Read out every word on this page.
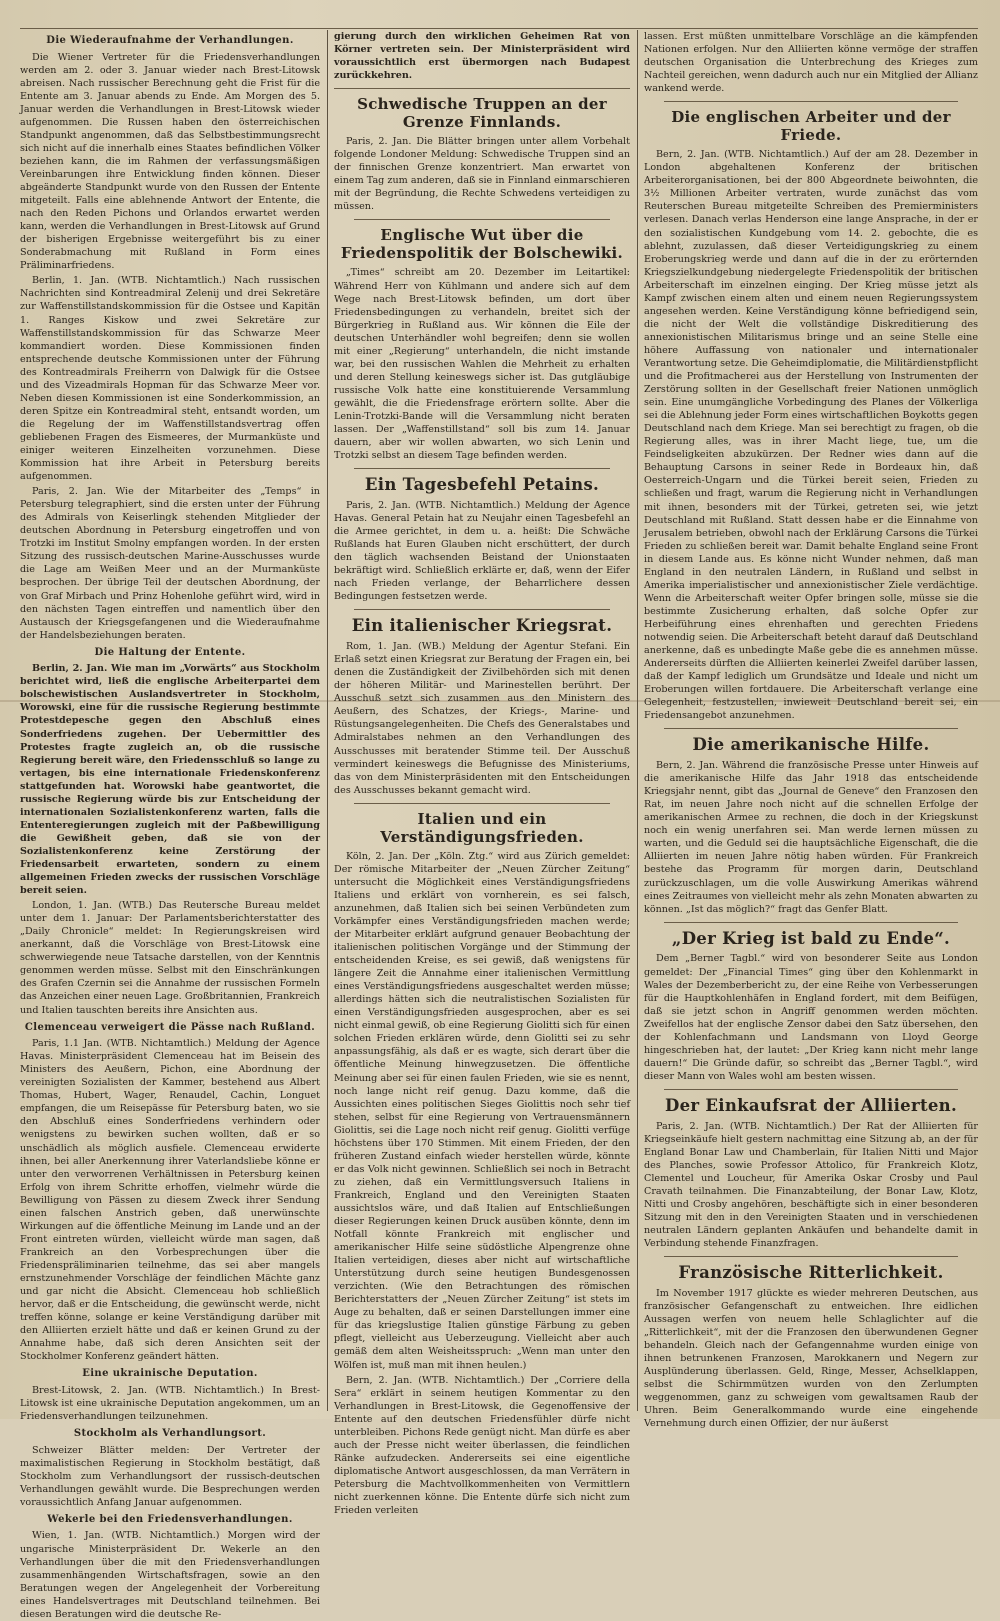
Die Wiederaufnahme der Verhandlungen.

Die Wiener Vertreter für die Friedensverhandlungen werden am 2. oder 3. Januar wieder nach Brest-Litowsk abreisen. Nach russischer Berechnung geht die Frist für die Entente am 3. Januar abends zu Ende. Am Morgen des 5. Januar werden die Verhandlungen in Brest-Litowsk wieder aufgenommen. Die Russen haben den österreichischen Standpunkt angenommen, daß das Selbstbestimmungsrecht sich nicht auf die innerhalb eines Staates befindlichen Völker beziehen kann, die im Rahmen der verfassungsmäßigen Vereinbarungen ihre Entwicklung finden können. Dieser abgeänderte Standpunkt wurde von den Russen der Entente mitgeteilt. Falls eine ablehnende Antwort der Entente, die nach den Reden Pichons und Orlandos erwartet werden kann, werden die Verhandlungen in Brest-Litowsk auf Grund der bisherigen Ergebnisse weitergeführt bis zu einer Sonderabmachung mit Rußland in Form eines Präliminarfriedens.

Berlin, 1. Jan. (WTB. Nichtamtlich.) Nach russischen Nachrichten sind Kontreadmiral Zelenij und drei Sekretäre zur Waffenstillstandskommission für die Ostsee und Kapitän 1. Ranges Kiskow und zwei Sekretäre zur Waffenstillstandskommission für das Schwarze Meer kommandiert worden. Diese Kommissionen finden entsprechende deutsche Kommissionen unter der Führung des Kontreadmirals Freiherrn von Dalwigk für die Ostsee und des Vizeadmirals Hopman für das Schwarze Meer vor. Neben diesen Kommissionen ist eine Sonderkommission, an deren Spitze ein Kontreadmiral steht, entsandt worden, um die Regelung der im Waffenstillstandsvertrag offen gebliebenen Fragen des Eismeeres, der Murmanküste und einiger weiteren Einzelheiten vorzunehmen. Diese Kommission hat ihre Arbeit in Petersburg bereits aufgenommen.

Paris, 2. Jan. Wie der Mitarbeiter des „Temps“ in Petersburg telegraphiert, sind die ersten unter der Führung des Admirals von Keiserlingk stehenden Mitglieder der deutschen Abordnung in Petersburg eingetroffen und von Trotzki im Institut Smolny empfangen worden. In der ersten Sitzung des russisch-deutschen Marine-Ausschusses wurde die Lage am Weißen Meer und an der Murmanküste besprochen. Der übrige Teil der deutschen Abordnung, der von Graf Mirbach und Prinz Hohenlohe geführt wird, wird in den nächsten Tagen eintreffen und namentlich über den Austausch der Kriegsgefangenen und die Wiederaufnahme der Handelsbeziehungen beraten.

Die Haltung der Entente.

Berlin, 2. Jan. Wie man im „Vorwärts“ aus Stockholm berichtet wird, ließ die englische Arbeiterpartei dem bolschewistischen Auslandsvertreter in Stockholm, Worowski, eine für die russische Regierung bestimmte Protestdepesche gegen den Abschluß eines Sonderfriedens zugehen. Der Uebermittler des Protestes fragte zugleich an, ob die russische Regierung bereit wäre, den Friedensschluß so lange zu vertagen, bis eine internationale Friedenskonferenz stattgefunden hat. Worowski habe geantwortet, die russische Regierung würde bis zur Entscheidung der internationalen Sozialistenkonferenz warten, falls die Ententeregierungen zugleich mit der Paßbewilligung die Gewißheit geben, daß sie von der Sozialistenkonferenz keine Zerstörung der Friedensarbeit erwarteten, sondern zu einem allgemeinen Frieden zwecks der russischen Vorschläge bereit seien.

London, 1. Jan. (WTB.) Das Reutersche Bureau meldet unter dem 1. Januar: Der Parlamentsberichterstatter des „Daily Chronicle“ meldet: In Regierungskreisen wird anerkannt, daß die Vorschläge von Brest-Litowsk eine schwerwiegende neue Tatsache darstellen, von der Kenntnis genommen werden müsse. Selbst mit den Einschränkungen des Grafen Czernin sei die Annahme der russischen Formeln das Anzeichen einer neuen Lage. Großbritannien, Frankreich und Italien tauschten bereits ihre Ansichten aus.

Clemenceau verweigert die Pässe nach Rußland.

Paris, 1.1 Jan. (WTB. Nichtamtlich.) Meldung der Agence Havas. Ministerpräsident Clemenceau hat im Beisein des Ministers des Aeußern, Pichon, eine Abordnung der vereinigten Sozialisten der Kammer, bestehend aus Albert Thomas, Hubert, Wager, Renaudel, Cachin, Longuet empfangen, die um Reisepässe für Petersburg baten, wo sie den Abschluß eines Sonderfriedens verhindern oder wenigstens zu bewirken suchen wollten, daß er so unschädlich als möglich ausfiele. Clemenceau erwiderte ihnen, bei aller Anerkennung ihrer Vaterlandsliebe könne er unter den verworrenen Verhältnissen in Petersburg keinen Erfolg von ihrem Schritte erhoffen, vielmehr würde die Bewilligung von Pässen zu diesem Zweck ihrer Sendung einen falschen Anstrich geben, daß unerwünschte Wirkungen auf die öffentliche Meinung im Lande und an der Front eintreten würden, vielleicht würde man sagen, daß Frankreich an den Vorbesprechungen über die Friedenspräliminarien teilnehme, das sei aber mangels ernstzunehmender Vorschläge der feindlichen Mächte ganz und gar nicht die Absicht. Clemenceau hob schließlich hervor, daß er die Entscheidung, die gewünscht werde, nicht treffen könne, solange er keine Verständigung darüber mit den Alliierten erzielt hätte und daß er keinen Grund zu der Annahme habe, daß sich deren Ansichten seit der Stockholmer Konferenz geändert hätten.

Eine ukrainische Deputation.

Brest-Litowsk, 2. Jan. (WTB. Nichtamtlich.) In Brest-Litowsk ist eine ukrainische Deputation angekommen, um an Friedensverhandlungen teilzunehmen.

Stockholm als Verhandlungsort.

Schweizer Blätter melden: Der Vertreter der maximalistischen Regierung in Stockholm bestätigt, daß Stockholm zum Verhandlungsort der russisch-deutschen Verhandlungen gewählt wurde. Die Besprechungen werden voraussichtlich Anfang Januar aufgenommen.

Wekerle bei den Friedensverhandlungen.

Wien, 1. Jan. (WTB. Nichtamtlich.) Morgen wird der ungarische Ministerpräsident Dr. Wekerle an den Verhandlungen über die mit den Friedensverhandlungen zusammenhängenden Wirtschaftsfragen, sowie an den Beratungen wegen der Angelegenheit der Vorbereitung eines Handelsvertrages mit Deutschland teilnehmen. Bei diesen Beratungen wird die deutsche Re-

gierung durch den wirklichen Geheimen Rat von Körner vertreten sein. Der Ministerpräsident wird voraussichtlich erst übermorgen nach Budapest zurückkehren.

Schwedische Truppen an der Grenze Finnlands.

Paris, 2. Jan. Die Blätter bringen unter allem Vorbehalt folgende Londoner Meldung: Schwedische Truppen sind an der finnischen Grenze konzentriert. Man erwartet von einem Tag zum anderen, daß sie in Finnland einmarschieren mit der Begründung, die Rechte Schwedens verteidigen zu müssen.

Englische Wut über die Friedenspolitik der Bolschewiki.

„Times“ schreibt am 20. Dezember im Leitartikel: Während Herr von Kühlmann und andere sich auf dem Wege nach Brest-Litowsk befinden, um dort über Friedensbedingungen zu verhandeln, breitet sich der Bürgerkrieg in Rußland aus. Wir können die Eile der deutschen Unterhändler wohl begreifen; denn sie wollen mit einer „Regierung“ unterhandeln, die nicht imstande war, bei den russischen Wahlen die Mehrheit zu erhalten und deren Stellung keineswegs sicher ist. Das gutgläubige russische Volk hatte eine konstituierende Versammlung gewählt, die die Friedensfrage erörtern sollte. Aber die Lenin-Trotzki-Bande will die Versammlung nicht beraten lassen. Der „Waffenstillstand“ soll bis zum 14. Januar dauern, aber wir wollen abwarten, wo sich Lenin und Trotzki selbst an diesem Tage befinden werden.

Ein Tagesbefehl Petains.

Paris, 2. Jan. (WTB. Nichtamtlich.) Meldung der Agence Havas. General Petain hat zu Neujahr einen Tagesbefehl an die Armee gerichtet, in dem u. a. heißt: Die Schwäche Rußlands hat Euren Glauben nicht erschüttert, der durch den täglich wachsenden Beistand der Unionstaaten bekräftigt wird. Schließlich erklärte er, daß, wenn der Eifer nach Frieden verlange, der Beharrlichere dessen Bedingungen festsetzen werde.

Ein italienischer Kriegsrat.

Rom, 1. Jan. (WB.) Meldung der Agentur Stefani. Ein Erlaß setzt einen Kriegsrat zur Beratung der Fragen ein, bei denen die Zuständigkeit der Zivilbehörden sich mit denen der höheren Militär- und Marinestellen berührt. Der Ausschuß setzt sich zusammen aus den Ministern des Aeußern, des Schatzes, der Kriegs-, Marine- und Rüstungsangelegenheiten. Die Chefs des Generalstabes und Admiralstabes nehmen an den Verhandlungen des Ausschusses mit beratender Stimme teil. Der Ausschuß vermindert keineswegs die Befugnisse des Ministeriums, das von dem Ministerpräsidenten mit den Entscheidungen des Ausschusses bekannt gemacht wird.

Italien und ein Verständigungsfrieden.

Köln, 2. Jan. Der „Köln. Ztg.“ wird aus Zürich gemeldet: Der römische Mitarbeiter der „Neuen Zürcher Zeitung“ untersucht die Möglichkeit eines Verständigungsfriedens Italiens und erklärt von vornherein, es sei falsch, anzunehmen, daß Italien sich bei seinen Verbündeten zum Vorkämpfer eines Verständigungsfrieden machen werde; der Mitarbeiter erklärt aufgrund genauer Beobachtung der italienischen politischen Vorgänge und der Stimmung der entscheidenden Kreise, es sei gewiß, daß wenigstens für längere Zeit die Annahme einer italienischen Vermittlung eines Verständigungsfriedens ausgeschaltet werden müsse; allerdings hätten sich die neutralistischen Sozialisten für einen Verständigungsfrieden ausgesprochen, aber es sei nicht einmal gewiß, ob eine Regierung Giolitti sich für einen solchen Frieden erklären würde, denn Giolitti sei zu sehr anpassungsfähig, als daß er es wagte, sich derart über die öffentliche Meinung hinwegzusetzen. Die öffentliche Meinung aber sei für einen faulen Frieden, wie sie es nennt, noch lange nicht reif genug. Dazu komme, daß die Aussichten eines politischen Sieges Giolittis noch sehr tief stehen, selbst für eine Regierung von Vertrauensmännern Giolittis, sei die Lage noch nicht reif genug. Giolitti verfüge höchstens über 170 Stimmen. Mit einem Frieden, der den früheren Zustand einfach wieder herstellen würde, könnte er das Volk nicht gewinnen. Schließlich sei noch in Betracht zu ziehen, daß ein Vermittlungsversuch Italiens in Frankreich, England und den Vereinigten Staaten aussichtslos wäre, und daß Italien auf Entschließungen dieser Regierungen keinen Druck ausüben könnte, denn im Notfall könnte Frankreich mit englischer und amerikanischer Hilfe seine südöstliche Alpengrenze ohne Italien verteidigen, dieses aber nicht auf wirtschaftliche Unterstützung durch seine heutigen Bundesgenossen verzichten. (Wie den Betrachtungen des römischen Berichterstatters der „Neuen Zürcher Zeitung“ ist stets im Auge zu behalten, daß er seinen Darstellungen immer eine für das kriegslustige Italien günstige Färbung zu geben pflegt, vielleicht aus Ueberzeugung. Vielleicht aber auch gemäß dem alten Weisheitsspruch: „Wenn man unter den Wölfen ist, muß man mit ihnen heulen.)

Bern, 2. Jan. (WTB. Nichtamtlich.) Der „Corriere della Sera“ erklärt in seinem heutigen Kommentar zu den Verhandlungen in Brest-Litowsk, die Gegenoffensive der Entente auf den deutschen Friedensfühler dürfe nicht unterbleiben. Pichons Rede genügt nicht. Man dürfe es aber auch der Presse nicht weiter überlassen, die feindlichen Ränke aufzudecken. Andererseits sei eine eigentliche diplomatische Antwort ausgeschlossen, da man Verrätern in Petersburg die Machtvollkommenheiten von Vermittlern nicht zuerkennen könne. Die Entente dürfe sich nicht zum Frieden verleiten

lassen. Erst müßten unmittelbare Vorschläge an die kämpfenden Nationen erfolgen. Nur den Alliierten könne vermöge der straffen deutschen Organisation die Unterbrechung des Krieges zum Nachteil gereichen, wenn dadurch auch nur ein Mitglied der Allianz wankend werde.

Die englischen Arbeiter und der Friede.

Bern, 2. Jan. (WTB. Nichtamtlich.) Auf der am 28. Dezember in London abgehaltenen Konferenz der britischen Arbeiterorganisationen, bei der 800 Abgeordnete beiwohnten, die 3½ Millionen Arbeiter vertraten, wurde zunächst das vom Reuterschen Bureau mitgeteilte Schreiben des Premierministers verlesen. Danach verlas Henderson eine lange Ansprache, in der er den sozialistischen Kundgebung vom 14. 2. gebochte, die es ablehnt, zuzulassen, daß dieser Verteidigungskrieg zu einem Eroberungskrieg werde und dann auf die in der zu erörternden Kriegszielkundgebung niedergelegte Friedenspolitik der britischen Arbeiterschaft im einzelnen einging. Der Krieg müsse jetzt als Kampf zwischen einem alten und einem neuen Regierungssystem angesehen werden. Keine Verständigung könne befriedigend sein, die nicht der Welt die vollständige Diskreditierung des annexionistischen Militarismus bringe und an seine Stelle eine höhere Auffassung von nationaler und internationaler Verantwortung setze. Die Geheimdiplomatie, die Militärdienstpflicht und die Profitmacherei aus der Herstellung von Instrumenten der Zerstörung sollten in der Gesellschaft freier Nationen unmöglich sein. Eine unumgängliche Vorbedingung des Planes der Völkerliga sei die Ablehnung jeder Form eines wirtschaftlichen Boykotts gegen Deutschland nach dem Kriege. Man sei berechtigt zu fragen, ob die Regierung alles, was in ihrer Macht liege, tue, um die Feindseligkeiten abzukürzen. Der Redner wies dann auf die Behauptung Carsons in seiner Rede in Bordeaux hin, daß Oesterreich-Ungarn und die Türkei bereit seien, Frieden zu schließen und fragt, warum die Regierung nicht in Verhandlungen mit ihnen, besonders mit der Türkei, getreten sei, wie jetzt Deutschland mit Rußland. Statt dessen habe er die Einnahme von Jerusalem betrieben, obwohl nach der Erklärung Carsons die Türkei Frieden zu schließen bereit war. Damit behalte England seine Front in diesem Lande aus. Es könne nicht Wunder nehmen, daß man England in den neutralen Ländern, in Rußland und selbst in Amerika imperialistischer und annexionistischer Ziele verdächtige. Wenn die Arbeiterschaft weiter Opfer bringen solle, müsse sie die bestimmte Zusicherung erhalten, daß solche Opfer zur Herbeiführung eines ehrenhaften und gerechten Friedens notwendig seien. Die Arbeiterschaft beteht darauf daß Deutschland anerkenne, daß es unbedingte Maße gebe die es annehmen müsse. Andererseits dürften die Alliierten keinerlei Zweifel darüber lassen, daß der Kampf lediglich um Grundsätze und Ideale und nicht um Eroberungen willen fortdauere. Die Arbeiterschaft verlange eine Gelegenheit, festzustellen, inwieweit Deutschland bereit sei, ein Friedensangebot anzunehmen.

Die amerikanische Hilfe.

Bern, 2. Jan. Während die französische Presse unter Hinweis auf die amerikanische Hilfe das Jahr 1918 das entscheidende Kriegsjahr nennt, gibt das „Journal de Geneve“ den Franzosen den Rat, im neuen Jahre noch nicht auf die schnellen Erfolge der amerikanischen Armee zu rechnen, die doch in der Kriegskunst noch ein wenig unerfahren sei. Man werde lernen müssen zu warten, und die Geduld sei die hauptsächliche Eigenschaft, die die Alliierten im neuen Jahre nötig haben würden. Für Frankreich bestehe das Programm für morgen darin, Deutschland zurückzuschlagen, um die volle Auswirkung Amerikas während eines Zeitraumes von vielleicht mehr als zehn Monaten abwarten zu können. „Ist das möglich?“ fragt das Genfer Blatt.

„Der Krieg ist bald zu Ende“.

Dem „Berner Tagbl.“ wird von besonderer Seite aus London gemeldet: Der „Financial Times“ ging über den Kohlenmarkt in Wales der Dezemberbericht zu, der eine Reihe von Verbesserungen für die Hauptkohlenhäfen in England fordert, mit dem Beifügen, daß sie jetzt schon in Angriff genommen werden möchten. Zweifellos hat der englische Zensor dabei den Satz übersehen, den der Kohlenfachmann und Landsmann von Lloyd George hingeschrieben hat, der lautet: „Der Krieg kann nicht mehr lange dauern!“ Die Gründe dafür, so schreibt das „Berner Tagbl.“, wird dieser Mann von Wales wohl am besten wissen.

Der Einkaufsrat der Alliierten.

Paris, 2. Jan. (WTB. Nichtamtlich.) Der Rat der Alliierten für Kriegseinkäufe hielt gestern nachmittag eine Sitzung ab, an der für England Bonar Law und Chamberlain, für Italien Nitti und Major des Planches, sowie Professor Attolico, für Frankreich Klotz, Clementel und Loucheur, für Amerika Oskar Crosby und Paul Cravath teilnahmen. Die Finanzabteilung, der Bonar Law, Klotz, Nitti und Crosby angehören, beschäftigte sich in einer besonderen Sitzung mit den in den Vereinigten Staaten und in verschiedenen neutralen Ländern geplanten Ankäufen und behandelte damit in Verbindung stehende Finanzfragen.

Französische Ritterlichkeit.

Im November 1917 glückte es wieder mehreren Deutschen, aus französischer Gefangenschaft zu entweichen. Ihre eidlichen Aussagen werfen von neuem helle Schlaglichter auf die „Ritterlichkeit“, mit der die Franzosen den überwundenen Gegner behandeln. Gleich nach der Gefangennahme wurden einige von ihnen betrunkenen Franzosen, Marokkanern und Negern zur Ausplünderung überlassen. Geld, Ringe, Messer, Achselklappen, selbst die Schirmmützen wurden von den Zerlumpten weggenommen, ganz zu schweigen vom gewaltsamen Raub der Uhren. Beim Generalkommando wurde eine eingehende Vernehmung durch einen Offizier, der nur äußerst
